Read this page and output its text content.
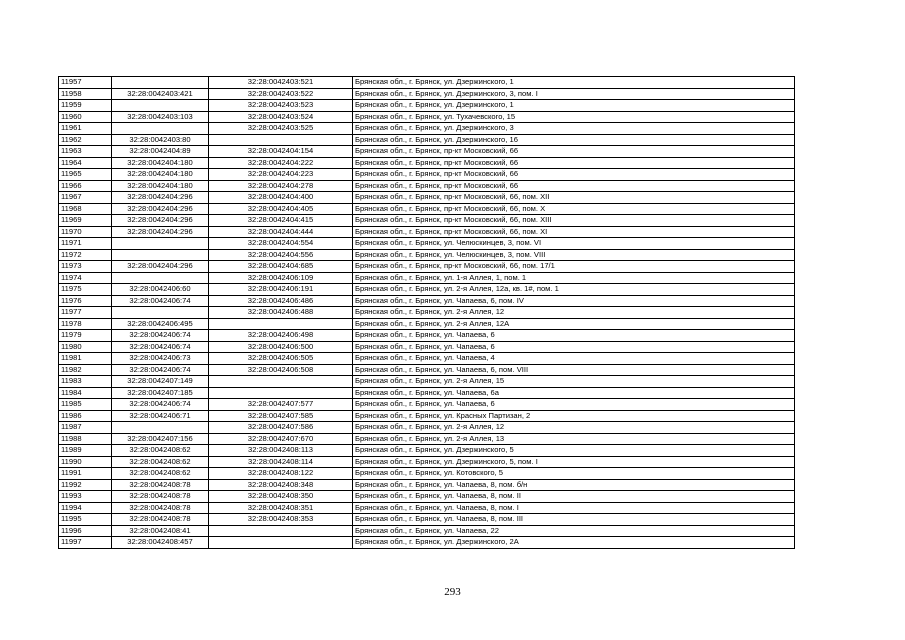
11957		32:28:0042403:521	Брянская обл., г. Брянск, ул. Дзержинского, 1
11958	32:28:0042403:421	32:28:0042403:522	Брянская обл., г. Брянск, ул. Дзержинского, 3, пом. I
11959		32:28:0042403:523	Брянская обл., г. Брянск, ул. Дзержинского, 1
11960	32:28:0042403:103	32:28:0042403:524	Брянская обл., г. Брянск, ул. Тухачевского, 15
11961		32:28:0042403:525	Брянская обл., г. Брянск, ул. Дзержинского, 3
11962	32:28:0042403:80		Брянская обл., г. Брянск, ул. Дзержинского, 16
11963	32:28:0042404:89	32:28:0042404:154	Брянская обл., г. Брянск, пр-кт Московский, 66
11964	32:28:0042404:180	32:28:0042404:222	Брянская обл., г. Брянск, пр-кт Московский, 66
11965	32:28:0042404:180	32:28:0042404:223	Брянская обл., г. Брянск, пр-кт Московский, 66
11966	32:28:0042404:180	32:28:0042404:278	Брянская обл., г. Брянск, пр-кт Московский, 66
11967	32:28:0042404:296	32:28:0042404:400	Брянская обл., г. Брянск, пр-кт Московский, 66, пом. XII
11968	32:28:0042404:296	32:28:0042404:405	Брянская обл., г. Брянск, пр-кт Московский, 66, пом. X
11969	32:28:0042404:296	32:28:0042404:415	Брянская обл., г. Брянск, пр-кт Московский, 66, пом. XIII
11970	32:28:0042404:296	32:28:0042404:444	Брянская обл., г. Брянск, пр-кт Московский, 66, пом. XI
11971		32:28:0042404:554	Брянская обл., г. Брянск, ул. Челюскинцев, 3, пом. VI
11972		32:28:0042404:556	Брянская обл., г. Брянск, ул. Челюскинцев, 3, пом. VIII
11973	32:28:0042404:296	32:28:0042404:685	Брянская обл., г. Брянск, пр-кт Московский, 66, пом. 17/1
11974		32:28:0042406:109	Брянская обл., г. Брянск, ул. 1-я Аллея, 1, пом. 1
11975	32:28:0042406:60	32:28:0042406:191	Брянская обл., г. Брянск, ул. 2-я Аллея, 12а, кв. 1#, пом. 1
11976	32:28:0042406:74	32:28:0042406:486	Брянская обл., г. Брянск, ул. Чапаева, 6, пом. IV
11977		32:28:0042406:488	Брянская обл., г. Брянск, ул. 2-я Аллея, 12
11978	32:28:0042406:495		Брянская обл., г. Брянск, ул. 2-я Аллея, 12А
11979	32:28:0042406:74	32:28:0042406:498	Брянская обл., г. Брянск, ул. Чапаева, 6
11980	32:28:0042406:74	32:28:0042406:500	Брянская обл., г. Брянск, ул. Чапаева, 6
11981	32:28:0042406:73	32:28:0042406:505	Брянская обл., г. Брянск, ул. Чапаева, 4
11982	32:28:0042406:74	32:28:0042406:508	Брянская обл., г. Брянск, ул. Чапаева, 6, пом. VIII
11983	32:28:0042407:149		Брянская обл., г. Брянск, ул. 2-я Аллея, 15
11984	32:28:0042407:185		Брянская обл., г. Брянск, ул. Чапаева, 6а
11985	32:28:0042406:74	32:28:0042407:577	Брянская обл., г. Брянск, ул. Чапаева, 6
11986	32:28:0042406:71	32:28:0042407:585	Брянская обл., г. Брянск, ул. Красных Партизан, 2
11987		32:28:0042407:586	Брянская обл., г. Брянск, ул. 2-я Аллея, 12
11988	32:28:0042407:156	32:28:0042407:670	Брянская обл., г. Брянск, ул. 2-я Аллея, 13
11989	32:28:0042408:62	32:28:0042408:113	Брянская обл., г. Брянск, ул. Дзержинского, 5
11990	32:28:0042408:62	32:28:0042408:114	Брянская обл., г. Брянск, ул. Дзержинского, 5, пом. I
11991	32:28:0042408:62	32:28:0042408:122	Брянская обл., г. Брянск, ул. Котовского, 5
11992	32:28:0042408:78	32:28:0042408:348	Брянская обл., г. Брянск, ул. Чапаева, 8, пом. б/н
11993	32:28:0042408:78	32:28:0042408:350	Брянская обл., г. Брянск, ул. Чапаева, 8, пом. II
11994	32:28:0042408:78	32:28:0042408:351	Брянская обл., г. Брянск, ул. Чапаева, 8, пом. I
11995	32:28:0042408:78	32:28:0042408:353	Брянская обл., г. Брянск, ул. Чапаева, 8, пом. III
11996	32:28:0042408:41		Брянская обл., г. Брянск, ул. Чапаева, 22
11997	32:28:0042408:457		Брянская обл., г. Брянск, ул. Дзержинского, 2А
293
